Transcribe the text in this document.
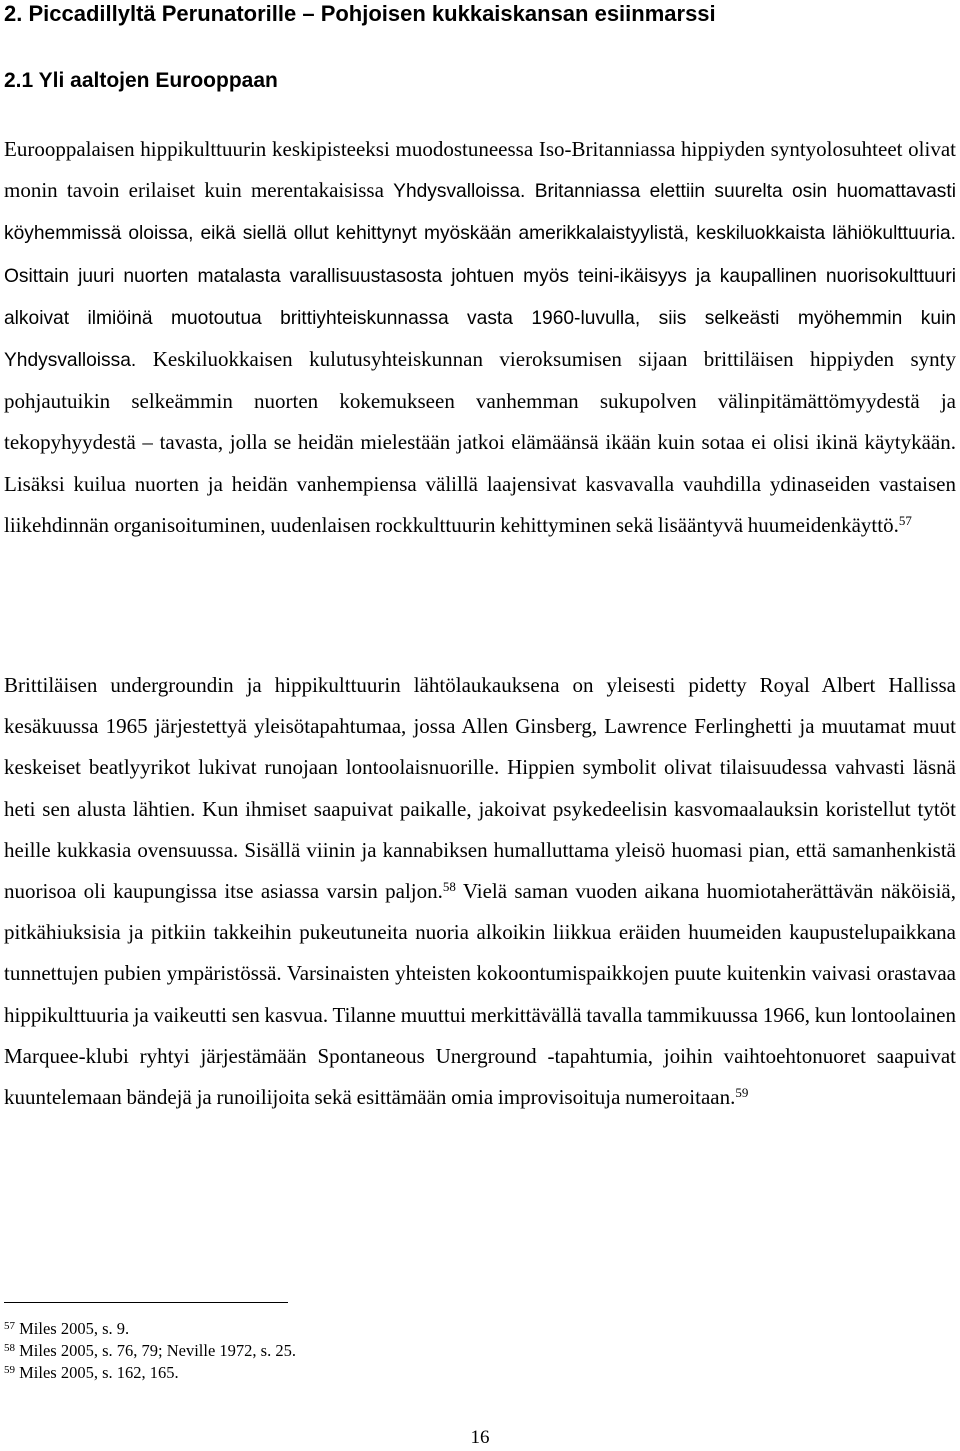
2. Piccadillyltä Perunatorille – Pohjoisen kukkaiskansan esiinmarssi
2.1 Yli aaltojen Eurooppaan

Eurooppalaisen hippikulttuurin keskipisteeksi muodostuneessa Iso-Britanniassa hippiyden syntyolosuhteet olivat monin tavoin erilaiset kuin merentakaisissa Yhdysvalloissa. Britanniassa elettiin suurelta osin huomattavasti köyhemmissä oloissa, eikä siellä ollut kehittynyt myöskään amerikkalaistyylistä, keskiluokkaista lähiökulttuuria. Osittain juuri nuorten matalasta varallisuustasosta johtuen myös teini-ikäisyys ja kaupallinen nuorisokulttuuri alkoivat ilmiöinä muotoutua brittiyhteiskunnassa vasta 1960-luvulla, siis selkeästi myöhemmin kuin Yhdysvalloissa. Keskiluokkaisen kulutusyhteiskunnan vieroksumisen sijaan brittiläisen hippiyden synty pohjautuikin selkeämmin nuorten kokemukseen vanhemman sukupolven välinpitämättömyydestä ja tekopyhyydestä – tavasta, jolla se heidän mielestään jatkoi elämäänsä ikään kuin sotaa ei olisi ikinä käytykään. Lisäksi kuilua nuorten ja heidän vanhempiensa välillä laajensivat kasvavalla vauhdilla ydinaseiden vastaisen liikehdinnän organisoituminen, uudenlaisen rockkulttuurin kehittyminen sekä lisääntyvä huumeidenkäyttö.$^{57}$

Brittiläisen undergroundin ja hippikulttuurin lähtölaukauksena on yleisesti pidetty Royal Albert Hallissa kesäkuussa 1965 järjestettyä yleisötapahtumaa, jossa Allen Ginsberg, Lawrence Ferlinghetti ja muutamat muut keskeiset beatlyyrikot lukivat runojaan lontoolaisnuorille. Hippien symbolit olivat tilaisuudessa vahvasti läsnä heti sen alusta lähtien. Kun ihmiset saapuivat paikalle, jakoivat psykedeelisin kasvomaalauksin koristellut tytöt heille kukkasia ovensuussa. Sisällä viinin ja kannabiksen humalluttama yleisö huomasi pian, että samanhenkistä nuorisoa oli kaupungissa itse asiassa varsin paljon.$^{58}$ Vielä saman vuoden aikana huomiotaherättävän näköisiä, pitkähiuksisia ja pitkiin takkeihin pukeutuneita nuoria alkoikin liikkua eräiden huumeiden kaupustelupaikkana tunnettujen pubien ympäristössä. Varsinaisten yhteisten kokoontumispaikkojen puute kuitenkin vaivasi orastavaa hippikulttuuria ja vaikeutti sen kasvua. Tilanne muuttui merkittävällä tavalla tammikuussa 1966, kun lontoolainen Marquee-klubi ryhtyi järjestämään Spontaneous Unerground -tapahtumia, joihin vaihtoehtonuoret saapuivat kuuntelemaan bändejä ja runoilijoita sekä esittämään omia improvisoituja numeroitaan.$^{59}$

$^{57}$ Miles 2005, s. 9.
$^{58}$ Miles 2005, s. 76, 79; Neville 1972, s. 25.
$^{59}$ Miles 2005, s. 162, 165.
16
